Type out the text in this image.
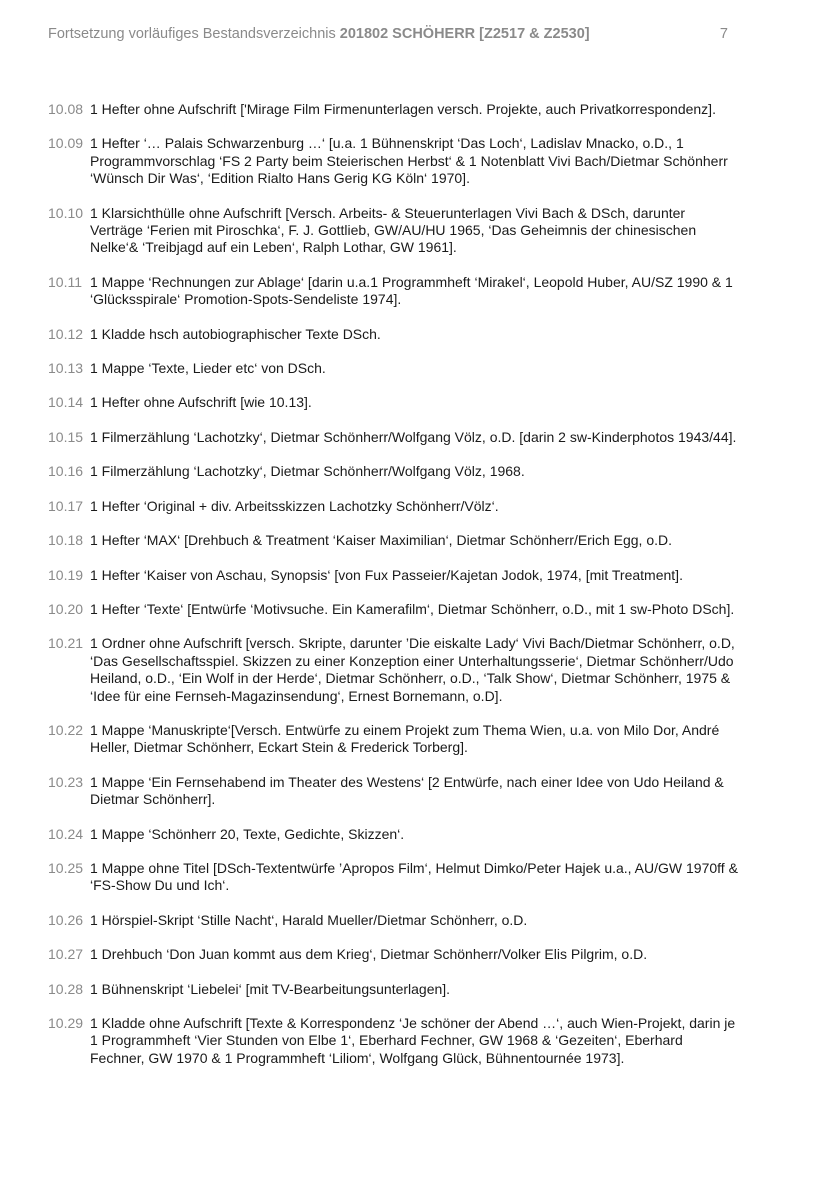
Fortsetzung vorläufiges Bestandsverzeichnis 201802 SCHÖHERR [Z2517 & Z2530]	7
10.08 1 Hefter ohne Aufschrift ['Mirage Film Firmenunterlagen versch. Projekte, auch Privatkorrespondenz].
10.09 1 Hefter ‘… Palais Schwarzenburg …‘ [u.a. 1 Bühnenskript ‘Das Loch‘, Ladislav Mnacko, o.D., 1 Programmvorschlag ‘FS 2 Party beim Steierischen Herbst‘ & 1 Notenblatt Vivi Bach/Dietmar Schönherr ‘Wünsch Dir Was‘, ‘Edition Rialto Hans Gerig KG Köln‘ 1970].
10.10 1 Klarsichthülle ohne Aufschrift [Versch. Arbeits- & Steuerunterlagen Vivi Bach & DSch, darunter Verträge ‘Ferien mit Piroschka‘, F. J. Gottlieb, GW/AU/HU 1965, ‘Das Geheimnis der chinesischen Nelke‘& ‘Treibjagd auf ein Leben‘, Ralph Lothar, GW 1961].
10.11 1 Mappe ‘Rechnungen zur Ablage‘ [darin u.a.1 Programmheft ‘Mirakel‘, Leopold Huber, AU/SZ 1990 & 1 ‘Glücksspirale‘ Promotion-Spots-Sendeliste 1974].
10.12 1 Kladde hsch autobiographischer Texte DSch.
10.13 1 Mappe ‘Texte, Lieder etc‘ von DSch.
10.14 1 Hefter ohne Aufschrift [wie 10.13].
10.15 1 Filmerzählung ‘Lachotzky‘, Dietmar Schönherr/Wolfgang Völz, o.D. [darin 2 sw-Kinderphotos 1943/44].
10.16 1 Filmerzählung ‘Lachotzky‘, Dietmar Schönherr/Wolfgang Völz, 1968.
10.17 1 Hefter ‘Original + div. Arbeitsskizzen Lachotzky Schönherr/Völz‘.
10.18 1 Hefter ‘MAX‘ [Drehbuch & Treatment ‘Kaiser Maximilian‘, Dietmar Schönherr/Erich Egg, o.D.
10.19 1 Hefter ‘Kaiser von Aschau, Synopsis‘ [von Fux Passeier/Kajetan Jodok, 1974, [mit Treatment].
10.20 1 Hefter ‘Texte‘ [Entwürfe ‘Motivsuche. Ein Kamerafilm‘, Dietmar Schönherr, o.D., mit 1 sw-Photo DSch].
10.21 1 Ordner ohne Aufschrift [versch. Skripte, darunter ’Die eiskalte Lady‘ Vivi Bach/Dietmar Schönherr, o.D, ‘Das Gesellschaftsspiel. Skizzen zu einer Konzeption einer Unterhaltungsserie‘, Dietmar Schönherr/Udo Heiland, o.D., ‘Ein Wolf in der Herde‘, Dietmar Schönherr, o.D., ‘Talk Show‘, Dietmar Schönherr, 1975 & ‘Idee für eine Fernseh-Magazinsendung‘, Ernest Bornemann, o.D].
10.22 1 Mappe ‘Manuskripte‘[Versch. Entwürfe zu einem Projekt zum Thema Wien, u.a. von Milo Dor, André Heller, Dietmar Schönherr, Eckart Stein & Frederick Torberg].
10.23 1 Mappe ‘Ein Fernsehabend im Theater des Westens‘ [2 Entwürfe, nach einer Idee von Udo Heiland & Dietmar Schönherr].
10.24 1 Mappe ‘Schönherr 20, Texte, Gedichte, Skizzen‘.
10.25 1 Mappe ohne Titel [DSch-Textentwürfe ’Apropos Film‘, Helmut Dimko/Peter Hajek u.a., AU/GW 1970ff & ‘FS-Show Du und Ich‘.
10.26 1 Hörspiel-Skript ‘Stille Nacht‘, Harald Mueller/Dietmar Schönherr, o.D.
10.27 1 Drehbuch ‘Don Juan kommt aus dem Krieg‘, Dietmar Schönherr/Volker Elis Pilgrim, o.D.
10.28 1 Bühnenskript ‘Liebelei‘ [mit TV-Bearbeitungsunterlagen].
10.29 1 Kladde ohne Aufschrift [Texte & Korrespondenz ‘Je schöner der Abend …‘, auch Wien-Projekt, darin je 1 Programmheft ‘Vier Stunden von Elbe 1‘, Eberhard Fechner, GW 1968 & ‘Gezeiten‘, Eberhard Fechner, GW 1970 & 1 Programmheft ‘Liliom‘, Wolfgang Glück, Bühnentournée 1973].
